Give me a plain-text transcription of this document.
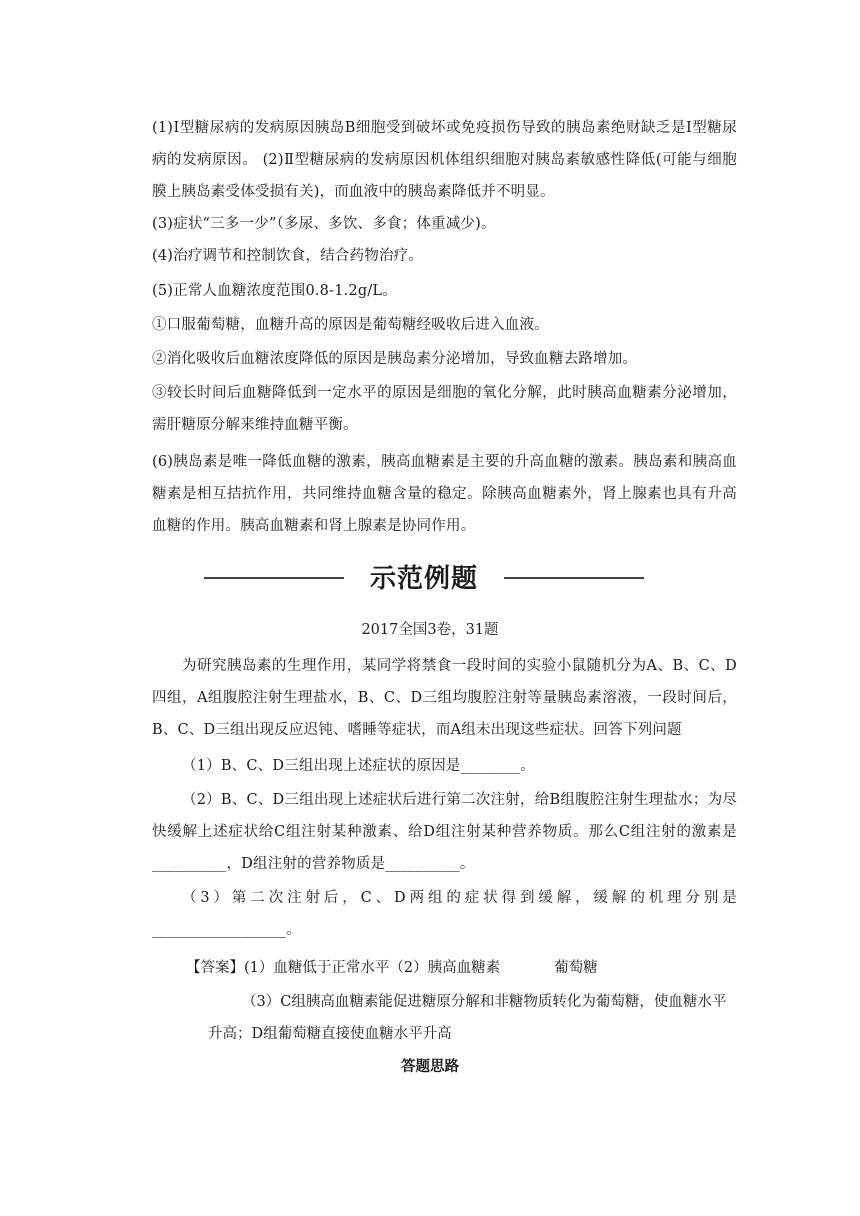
(1)Ⅰ型糖尿病的发病原因胰岛B细胞受到破坏或免疫损伤导致的胰岛素绝财缺乏是Ⅰ型糖尿病的发病原因。 (2)Ⅱ型糖尿病的发病原因机体组织细胞对胰岛素敏感性降低(可能与细胞膜上胰岛素受体受损有关)，而血液中的胰岛素降低并不明显。

(3)症状“三多一少”（多尿、多饮、多食；体重减少)。

(4)治疗调节和控制饮食，结合药物治疗。

(5)正常人血糖浓度范围0.8-1.2g/L。

①口服葡萄糖，血糖升高的原因是葡萄糖经吸收后进入血液。

②消化吸收后血糖浓度降低的原因是胰岛素分泌增加，导致血糖去路增加。

③较长时间后血糖降低到一定水平的原因是细胞的氧化分解，此时胰高血糖素分泌增加，需肝糖原分解来维持血糖平衡。

(6)胰岛素是唯一降低血糖的激素，胰高血糖素是主要的升高血糖的激素。胰岛素和胰高血糖素是相互拮抗作用，共同维持血糖含量的稳定。除胰高血糖素外，肾上腺素也具有升高血糖的作用。胰高血糖素和肾上腺素是协同作用。

示范例题
2017全国3卷，31题

为研究胰岛素的生理作用，某同学将禁食一段时间的实验小鼠随机分为A、B、C、D四组，A组腹腔注射生理盐水，B、C、D三组均腹腔注射等量胰岛素溶液，一段时间后，B、C、D三组出现反应迟钝、嗜睡等症状，而A组未出现这些症状。回答下列问题

（1）B、C、D三组出现上述症状的原因是________。

（2）B、C、D三组出现上述症状后进行第二次注射，给B组腹腔注射生理盐水；为尽快缓解上述症状给C组注射某种激素、给D组注射某种营养物质。那么C组注射的激素是__________，D组注射的营养物质是__________。

（3）第二次注射后，C、D两组的症状得到缓解，缓解的机理分别是__________________。

【答案】(1）血糖低于正常水平（2）胰高血糖素	葡萄糖
（3）C组胰高血糖素能促进糖原分解和非糖物质转化为葡萄糖，使血糖水平升高；D组葡萄糖直接使血糖水平升高
答题思路
